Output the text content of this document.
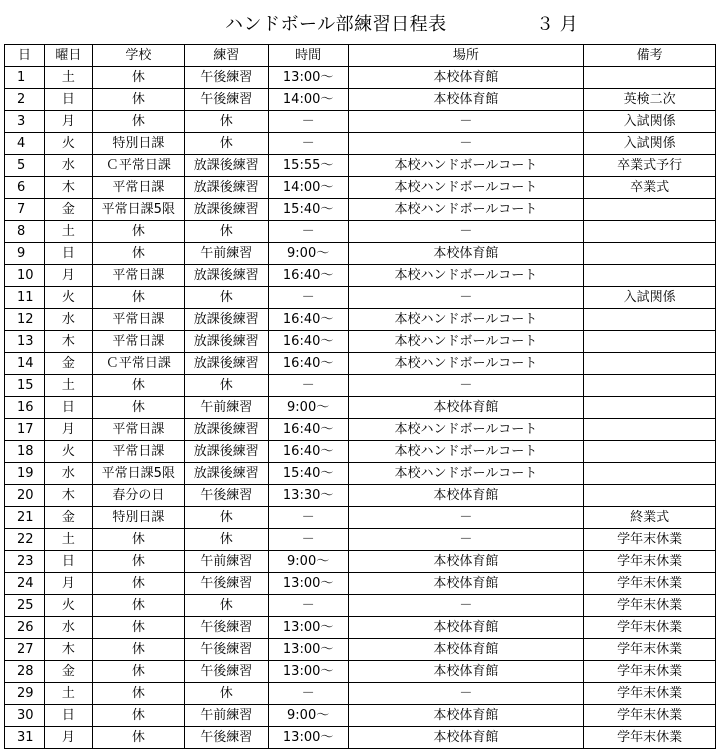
ハンドボール部練習日程表	３ 月
日	曜日	学校	練習	時間	場所	備考
1	土	休	午後練習	13:00～	本校体育館	
2	日	休	午後練習	14:00～	本校体育館	英検二次
3	月	休	休	－	－	入試関係
4	火	特別日課	休	－	－	入試関係
5	水	Ｃ平常日課	放課後練習	15:55～	本校ハンドボールコート	卒業式予行
6	木	平常日課	放課後練習	14:00～	本校ハンドボールコート	卒業式
7	金	平常日課5限	放課後練習	15:40～	本校ハンドボールコート	
8	土	休	休	－	－	
9	日	休	午前練習	9:00～	本校体育館	
10	月	平常日課	放課後練習	16:40～	本校ハンドボールコート	
11	火	休	休	－	－	入試関係
12	水	平常日課	放課後練習	16:40～	本校ハンドボールコート	
13	木	平常日課	放課後練習	16:40～	本校ハンドボールコート	
14	金	Ｃ平常日課	放課後練習	16:40～	本校ハンドボールコート	
15	土	休	休	－	－	
16	日	休	午前練習	9:00～	本校体育館	
17	月	平常日課	放課後練習	16:40～	本校ハンドボールコート	
18	火	平常日課	放課後練習	16:40～	本校ハンドボールコート	
19	水	平常日課5限	放課後練習	15:40～	本校ハンドボールコート	
20	木	春分の日	午後練習	13:30～	本校体育館	
21	金	特別日課	休	－	－	終業式
22	土	休	休	－	－	学年末休業
23	日	休	午前練習	9:00～	本校体育館	学年末休業
24	月	休	午後練習	13:00～	本校体育館	学年末休業
25	火	休	休	－	－	学年末休業
26	水	休	午後練習	13:00～	本校体育館	学年末休業
27	木	休	午後練習	13:00～	本校体育館	学年末休業
28	金	休	午後練習	13:00～	本校体育館	学年末休業
29	土	休	休	－	－	学年末休業
30	日	休	午前練習	9:00～	本校体育館	学年末休業
31	月	休	午後練習	13:00～	本校体育館	学年末休業
